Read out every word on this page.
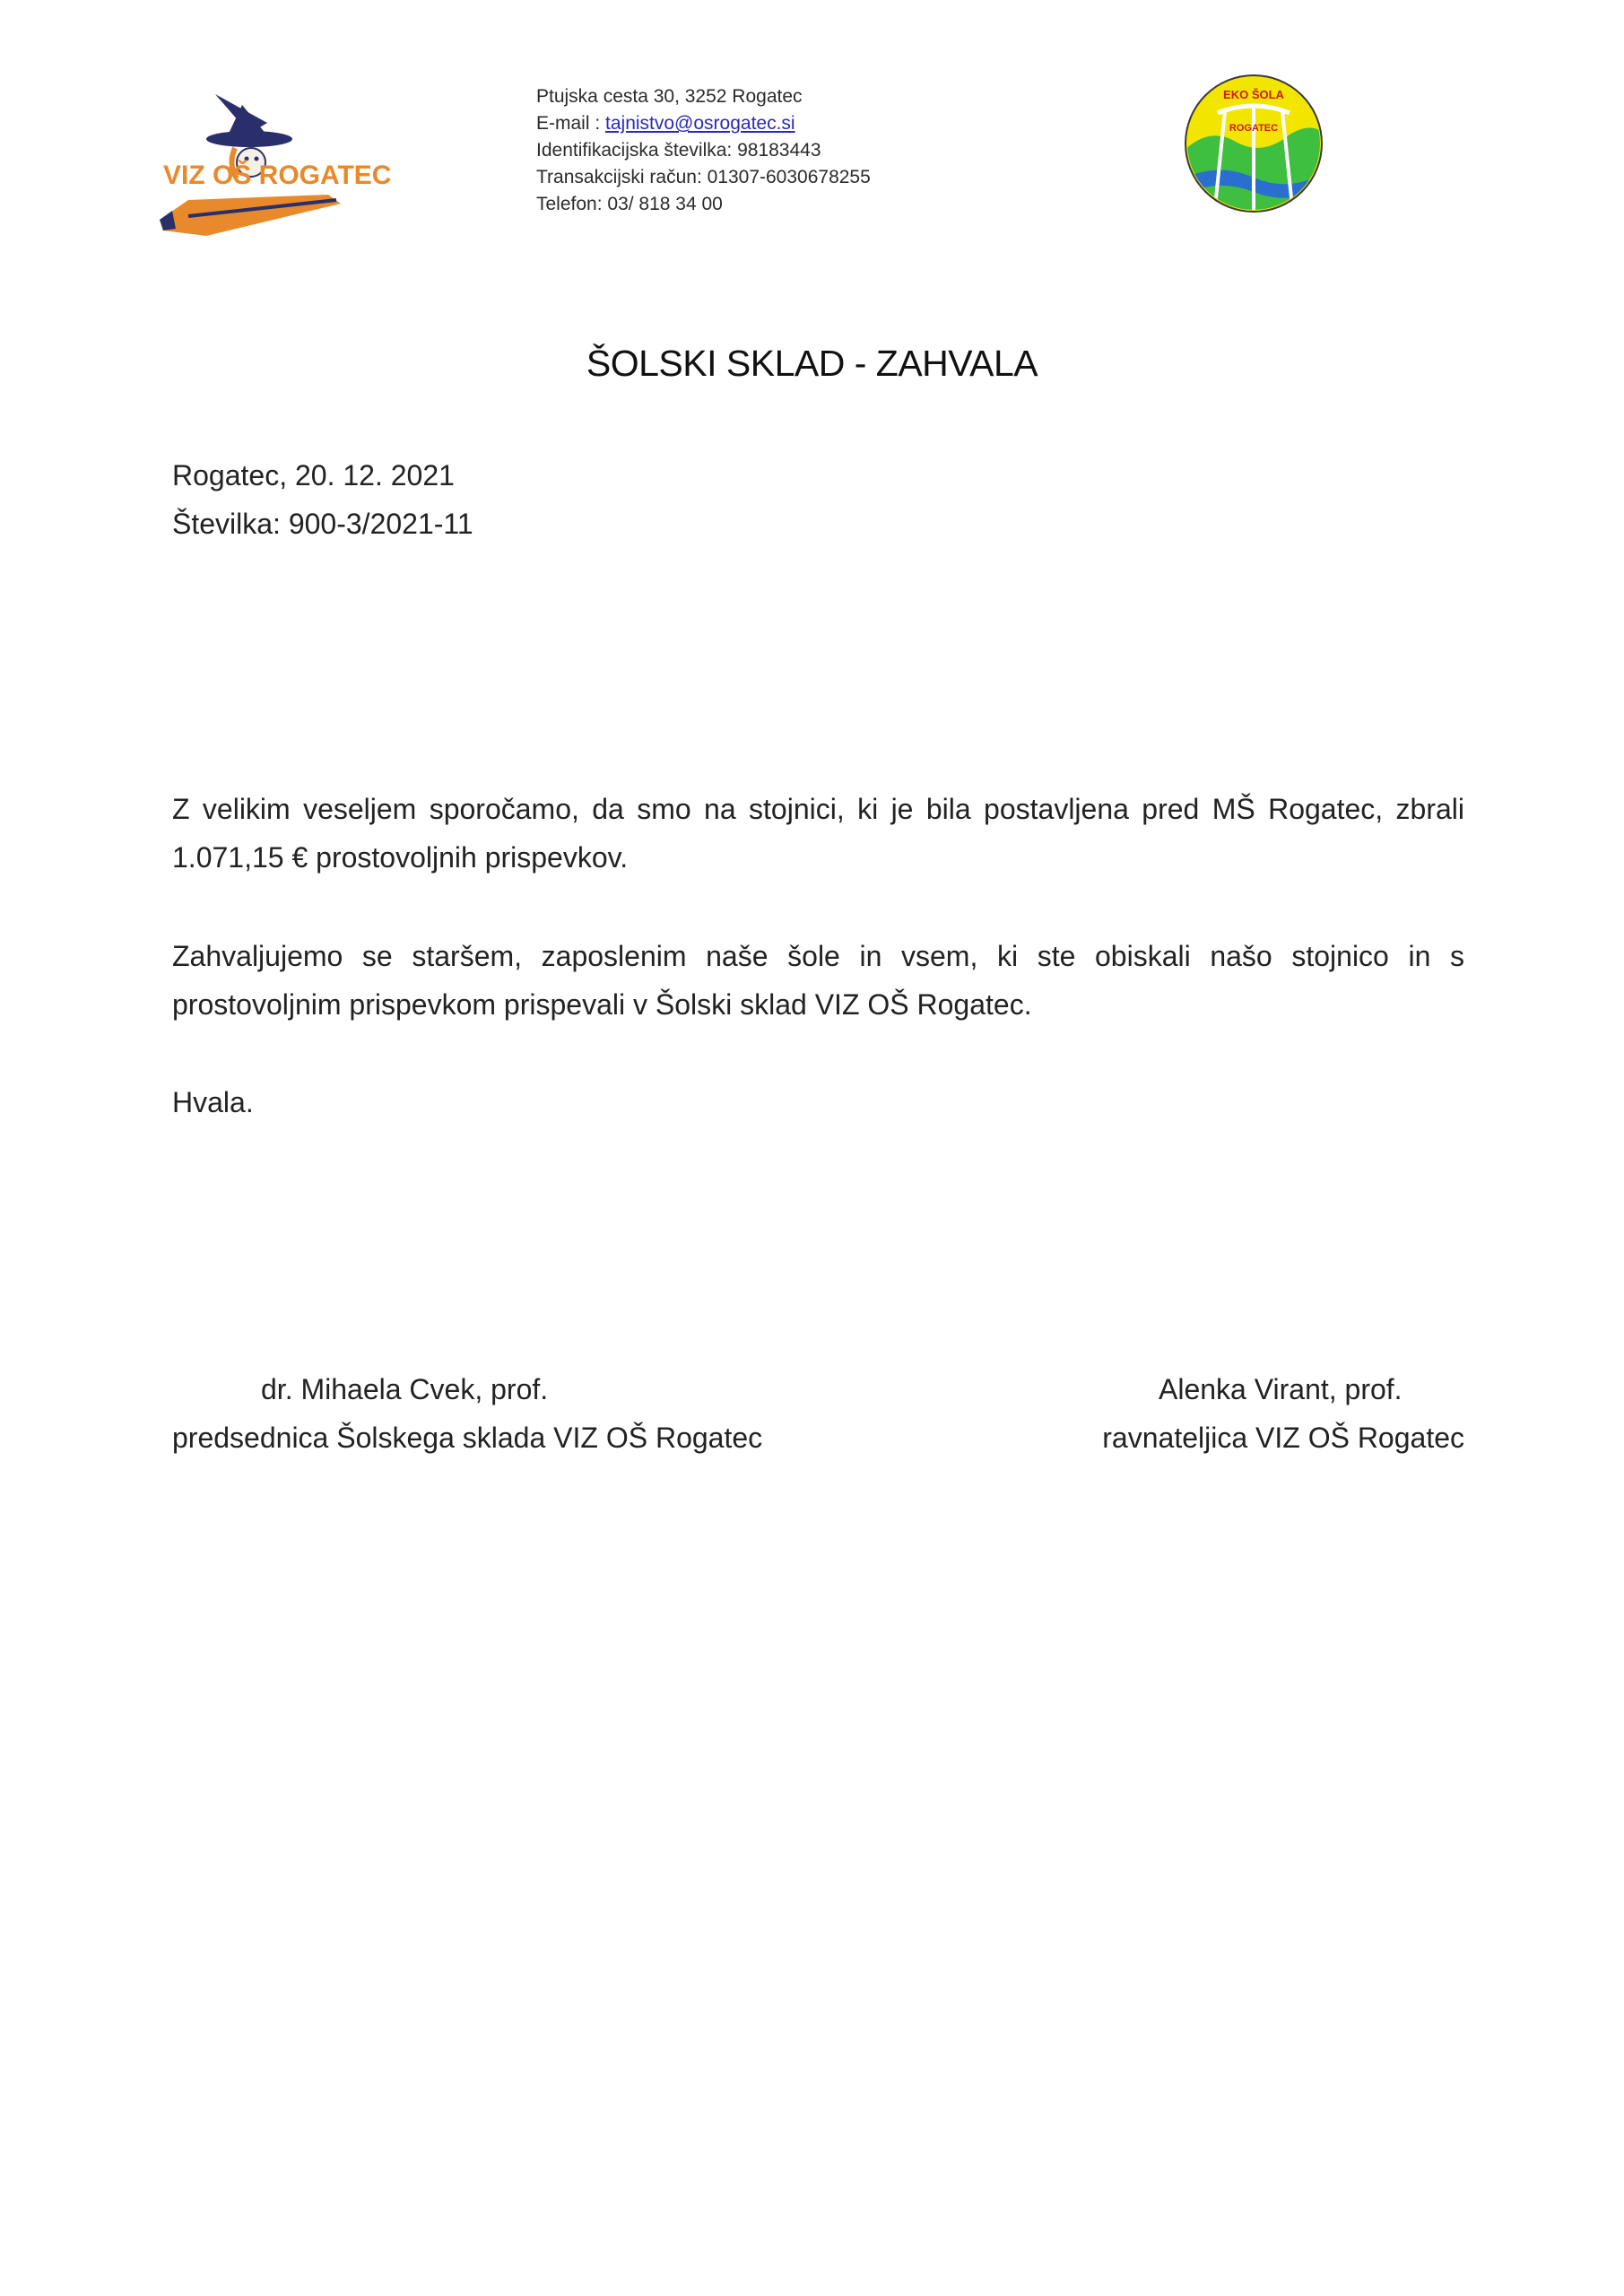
VIZ OŠ ROGATEC
Ptujska cesta 30, 3252 Rogatec
E-mail : tajnistvo@osrogatec.si
Identifikacijska številka: 98183443
Transakcijski račun: 01307-6030678255
Telefon: 03/ 818 34 00
EKO ŠOLA
ROGATEC
ŠOLSKI SKLAD - ZAHVALA
Rogatec, 20. 12. 2021
Številka: 900-3/2021-11
Z velikim veseljem sporočamo, da smo na stojnici, ki je bila postavljena pred MŠ Rogatec, zbrali 1.071,15 € prostovoljnih prispevkov.
Zahvaljujemo se staršem, zaposlenim naše šole in vsem, ki ste obiskali našo stojnico in s prostovoljnim prispevkom prispevali v Šolski sklad VIZ OŠ Rogatec.
Hvala.
dr. Mihaela Cvek, prof.
predsednica Šolskega sklada VIZ OŠ Rogatec
Alenka Virant, prof.
ravnateljica VIZ OŠ Rogatec
